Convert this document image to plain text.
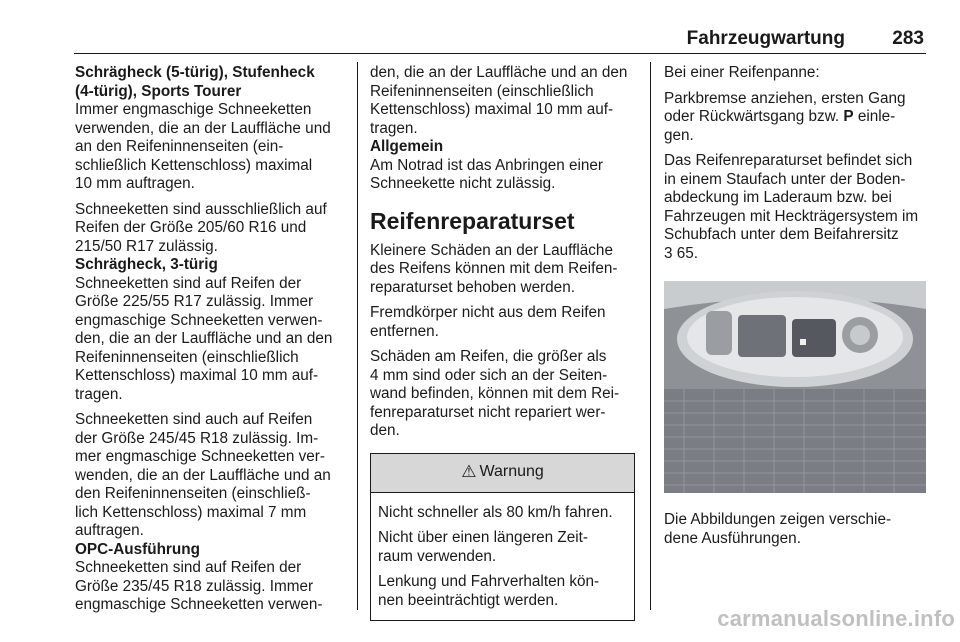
Fahrzeugwartung	283
Schrägheck (5-türig), Stufenheck
(4-türig), Sports Tourer
Immer engmaschige Schneeketten
verwenden, die an der Lauffläche und
an den Reifeninnenseiten (ein-
schließlich Kettenschloss) maximal
10 mm auftragen.
Schneeketten sind ausschließlich auf
Reifen der Größe 205/60 R16 und
215/50 R17 zulässig.
Schrägheck, 3-türig
Schneeketten sind auf Reifen der
Größe 225/55 R17 zulässig. Immer
engmaschige Schneeketten verwen-
den, die an der Lauffläche und an den
Reifeninnenseiten (einschließlich
Kettenschloss) maximal 10 mm auf-
tragen.
Schneeketten sind auch auf Reifen
der Größe 245/45 R18 zulässig. Im-
mer engmaschige Schneeketten ver-
wenden, die an der Lauffläche und an
den Reifeninnenseiten (einschließ-
lich Kettenschloss) maximal 7 mm
auftragen.
OPC-Ausführung
Schneeketten sind auf Reifen der
Größe 235/45 R18 zulässig. Immer
engmaschige Schneeketten verwen-
den, die an der Lauffläche und an den
Reifeninnenseiten (einschließlich
Kettenschloss) maximal 10 mm auf-
tragen.
Allgemein
Am Notrad ist das Anbringen einer
Schneekette nicht zulässig.
Reifenreparaturset
Kleinere Schäden an der Lauffläche
des Reifens können mit dem Reifen-
reparaturset behoben werden.
Fremdkörper nicht aus dem Reifen
entfernen.
Schäden am Reifen, die größer als
4 mm sind oder sich an der Seiten-
wand befinden, können mit dem Rei-
fenreparaturset nicht repariert wer-
den.
⚠ Warnung
Nicht schneller als 80 km/h fahren.
Nicht über einen längeren Zeit-
raum verwenden.
Lenkung und Fahrverhalten kön-
nen beeinträchtigt werden.
Bei einer Reifenpanne:
Parkbremse anziehen, ersten Gang
oder Rückwärtsgang bzw. P einle-
gen.
Das Reifenreparaturset befindet sich
in einem Staufach unter der Boden-
abdeckung im Laderaum bzw. bei
Fahrzeugen mit Heckträgersystem im
Schubfach unter dem Beifahrersitz
3 65.
Die Abbildungen zeigen verschie-
dene Ausführungen.
carmanualsonline.info
